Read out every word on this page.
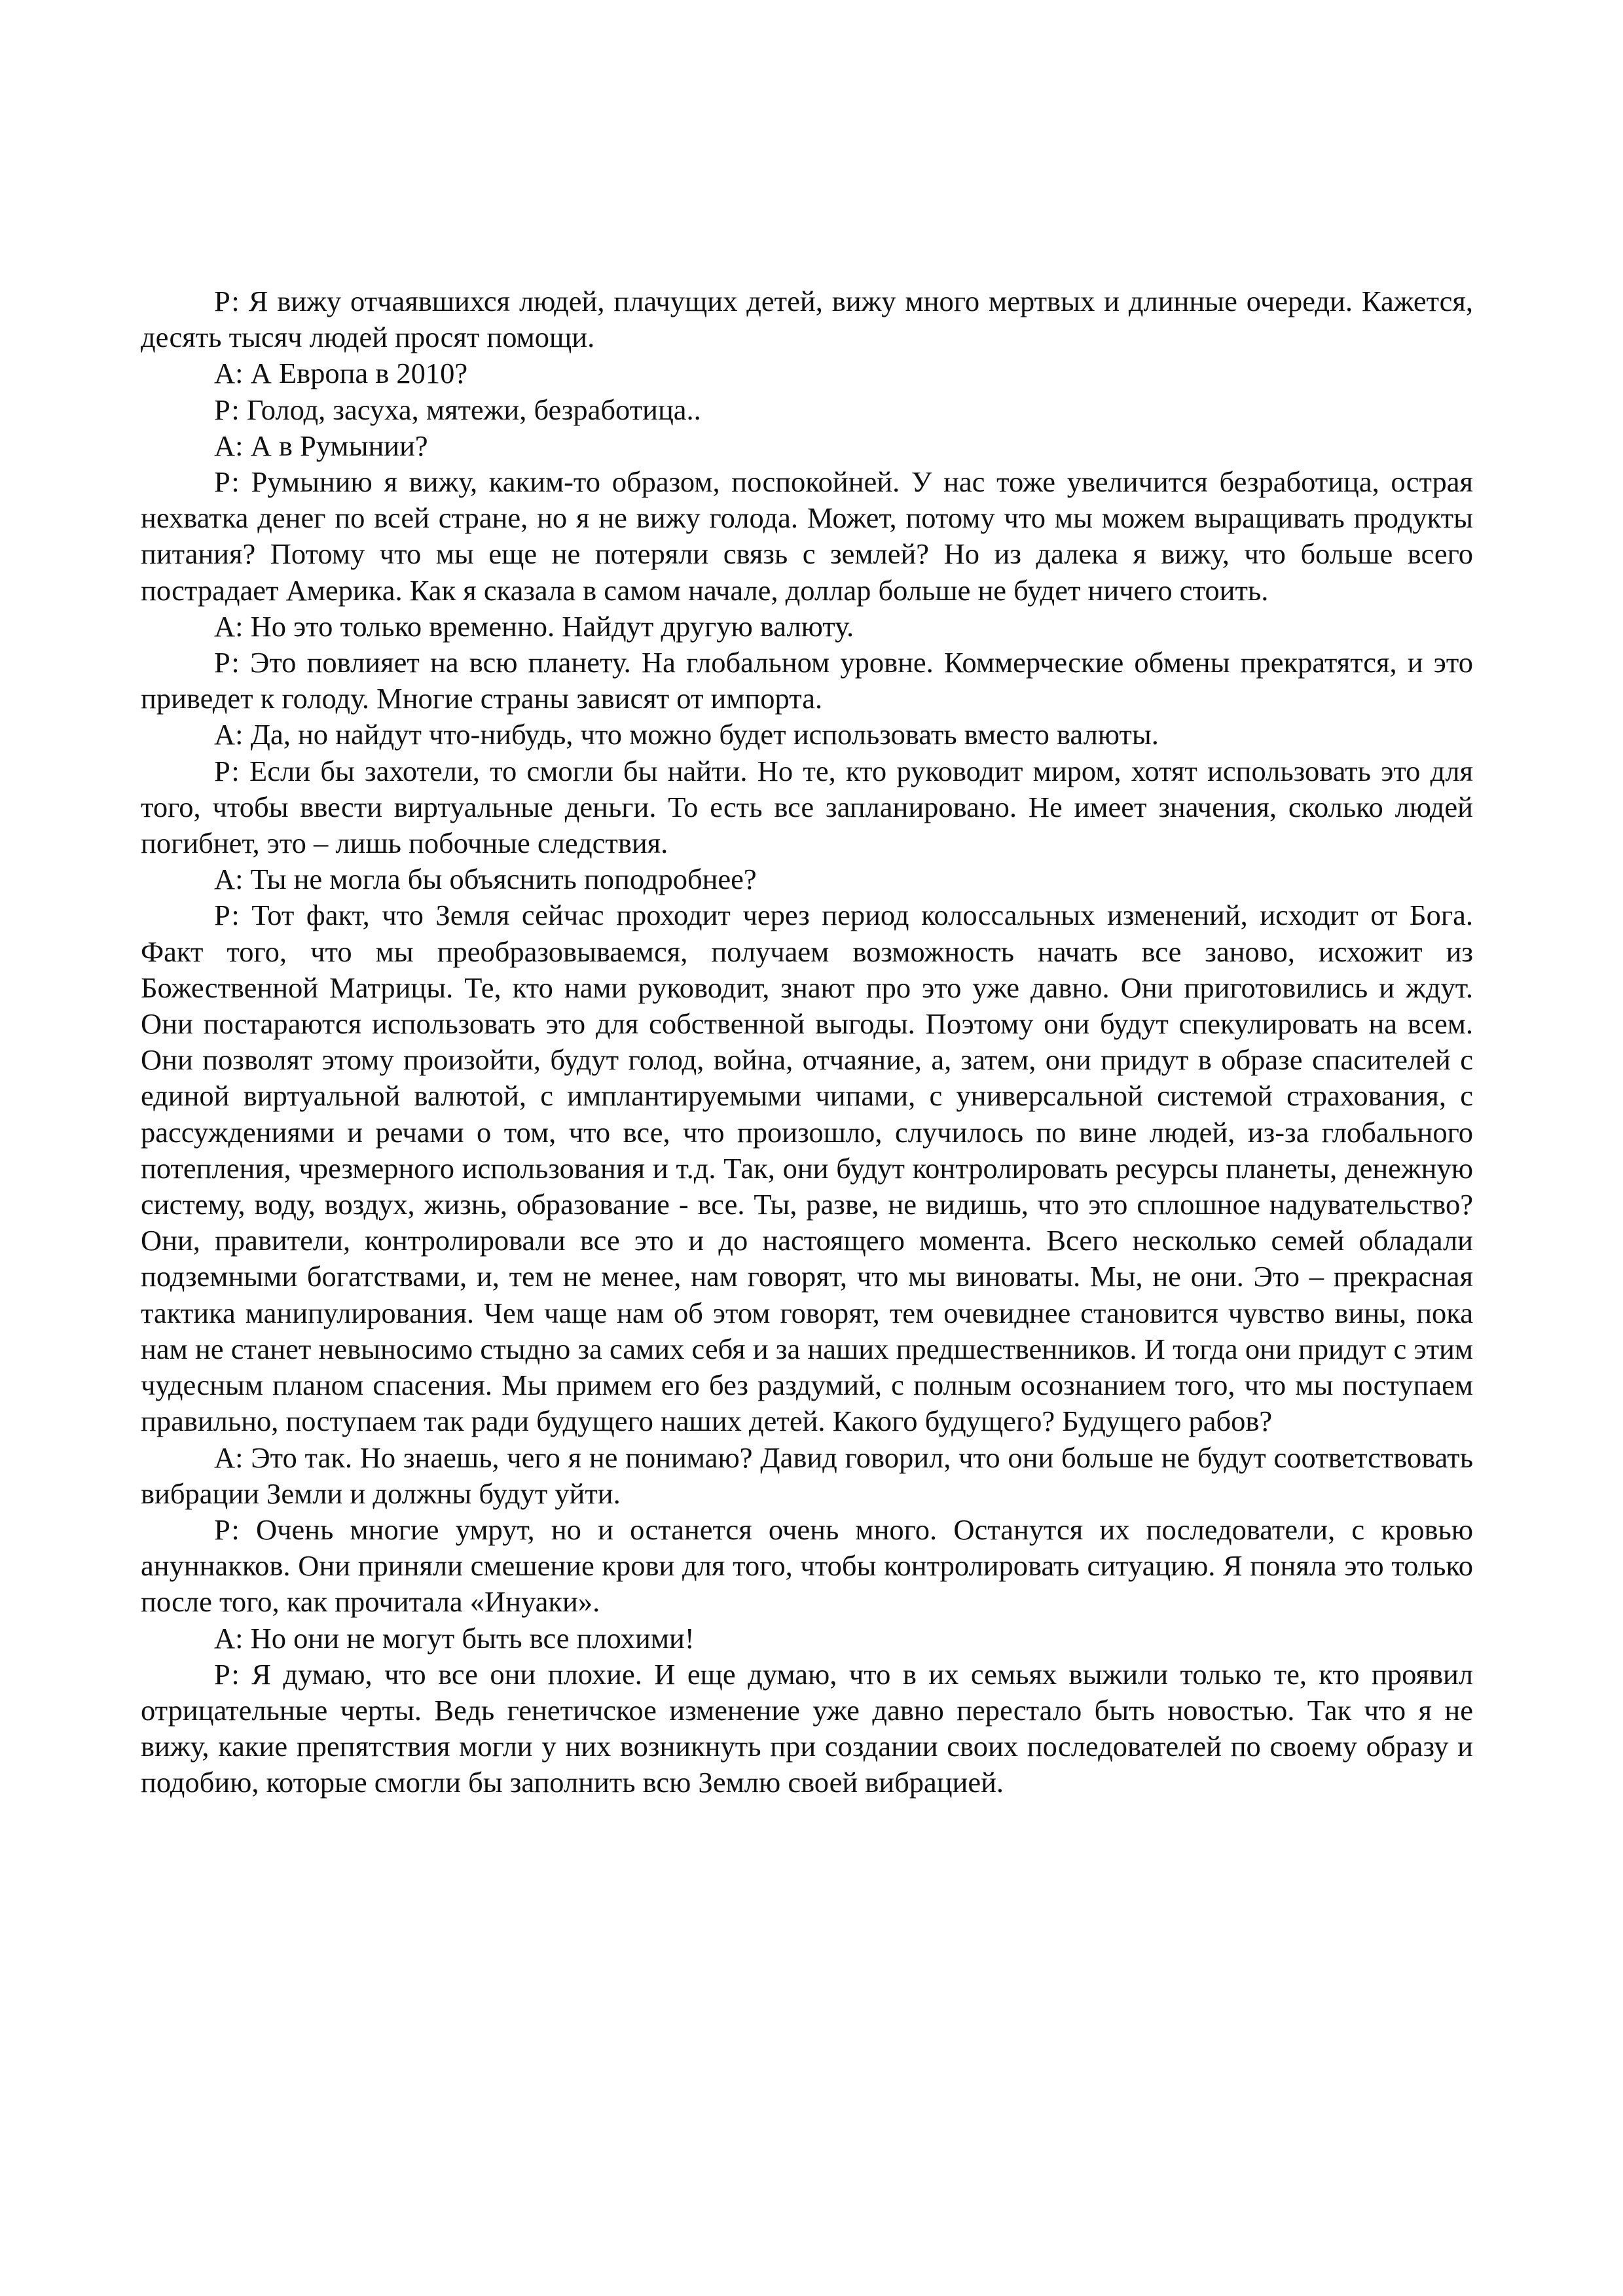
Р: Я вижу отчаявшихся людей, плачущих детей, вижу много мертвых и длинные очереди. Кажется, десять тысяч людей просят помощи.

А: А Европа в 2010?

Р: Голод, засуха, мятежи, безработица..

А: А в Румынии?

Р: Румынию я вижу, каким-то образом, поспокойней. У нас тоже увеличится безработица, острая нехватка денег по всей стране, но я не вижу голода. Может, потому что мы можем выращивать продукты питания? Потому что мы еще не потеряли связь с землей? Но из далека я вижу, что больше всего пострадает Америка. Как я сказала в самом начале, доллар больше не будет ничего стоить.

А: Но это только временно. Найдут другую валюту.

Р: Это повлияет на всю планету. На глобальном уровне. Коммерческие обмены прекратятся, и это приведет к голоду. Многие страны зависят от импорта.

А: Да, но найдут что-нибудь, что можно будет использовать вместо валюты.

Р: Если бы захотели, то смогли бы найти. Но те, кто руководит миром, хотят использовать это для того, чтобы ввести виртуальные деньги. То есть все запланировано. Не имеет значения, сколько людей погибнет, это – лишь побочные следствия.

А: Ты не могла бы объяснить поподробнее?

Р: Тот факт, что Земля сейчас проходит через период колоссальных изменений, исходит от Бога. Факт того, что мы преобразовываемся, получаем возможность начать все заново, исхожит из Божественной Матрицы. Те, кто нами руководит, знают про это уже давно. Они приготовились и ждут. Они постараются использовать это для собственной выгоды. Поэтому они будут спекулировать на всем. Они позволят этому произойти, будут голод, война, отчаяние, а, затем, они придут в образе спасителей с единой виртуальной валютой, с имплантируемыми чипами, с универсальной системой страхования, с рассуждениями и речами о том, что все, что произошло, случилось по вине людей, из-за глобального потепления, чрезмерного использования и т.д. Так, они будут контролировать ресурсы планеты, денежную систему, воду, воздух, жизнь, образование - все. Ты, разве, не видишь, что это сплошное надувательство? Они, правители, контролировали все это и до настоящего момента. Всего несколько семей обладали подземными богатствами, и, тем не менее, нам говорят, что мы виноваты. Мы, не они. Это – прекрасная тактика манипулирования. Чем чаще нам об этом говорят, тем очевиднее становится чувство вины, пока нам не станет невыносимо стыдно за самих себя и за наших предшественников. И тогда они придут с этим чудесным планом спасения. Мы примем его без раздумий, с полным осознанием того, что мы поступаем правильно, поступаем так ради будущего наших детей. Какого будущего? Будущего рабов?

А: Это так. Но знаешь, чего я не понимаю? Давид говорил, что они больше не будут соответствовать вибрации Земли и должны будут уйти.

Р: Очень многие умрут, но и останется очень много. Останутся их последователи, с кровью ануннакков. Они приняли смешение крови для того, чтобы контролировать ситуацию. Я поняла это только после того, как прочитала «Инуаки».

А: Но они не могут быть все плохими!

Р: Я думаю, что все они плохие. И еще думаю, что в их семьях выжили только те, кто проявил отрицательные черты. Ведь генетичское изменение уже давно перестало быть новостью. Так что я не вижу, какие препятствия могли у них возникнуть при создании своих последователей по своему образу и подобию, которые смогли бы заполнить всю Землю своей вибрацией.
